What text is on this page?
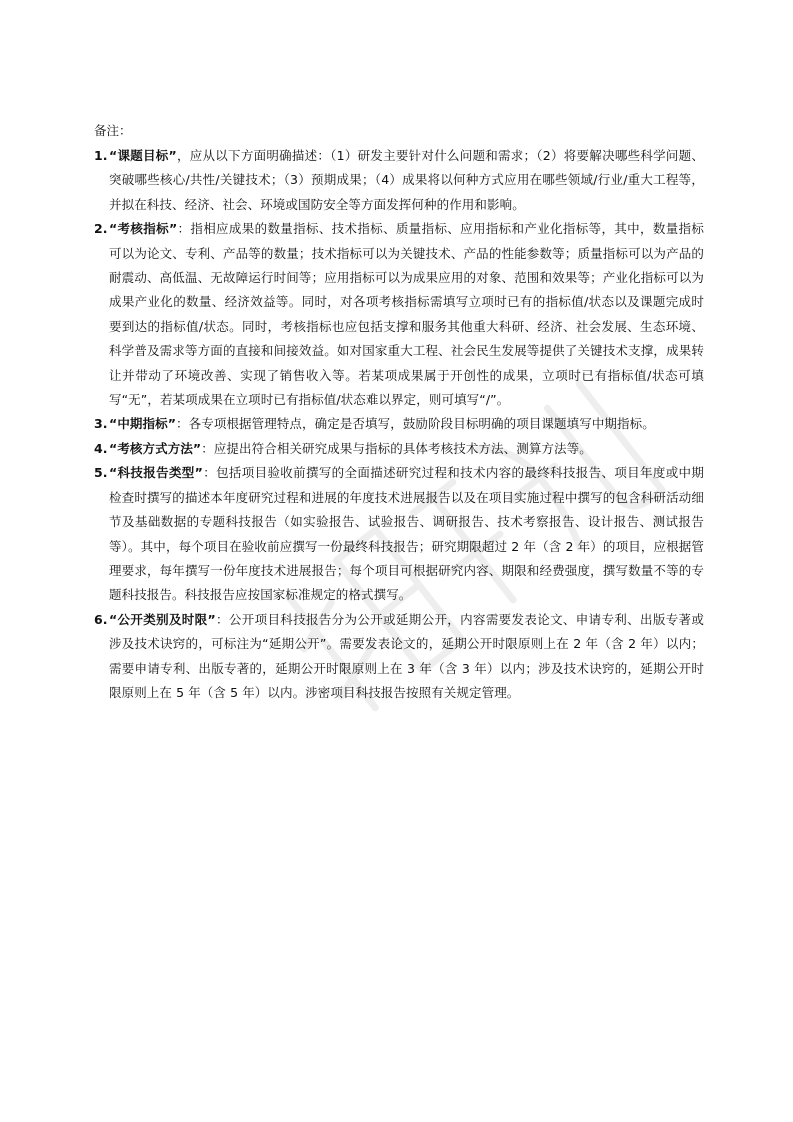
备注：
1. “课题目标”，应从以下方面明确描述：（1）研发主要针对什么问题和需求；（2）将要解决哪些科学问题、突破哪些核心/共性/关键技术；（3）预期成果；（4）成果将以何种方式应用在哪些领域/行业/重大工程等，并拟在科技、经济、社会、环境或国防安全等方面发挥何种的作用和影响。
2. “考核指标”：指相应成果的数量指标、技术指标、质量指标、应用指标和产业化指标等，其中，数量指标可以为论文、专利、产品等的数量；技术指标可以为关键技术、产品的性能参数等；质量指标可以为产品的耐震动、高低温、无故障运行时间等；应用指标可以为成果应用的对象、范围和效果等；产业化指标可以为成果产业化的数量、经济效益等。同时，对各项考核指标需填写立项时已有的指标值/状态以及课题完成时要到达的指标值/状态。同时，考核指标也应包括支撑和服务其他重大科研、经济、社会发展、生态环境、科学普及需求等方面的直接和间接效益。如对国家重大工程、社会民生发展等提供了关键技术支撑，成果转让并带动了环境改善、实现了销售收入等。若某项成果属于开创性的成果，立项时已有指标值/状态可填写“无”，若某项成果在立项时已有指标值/状态难以界定，则可填写“/”。
3. “中期指标”：各专项根据管理特点，确定是否填写，鼓励阶段目标明确的项目课题填写中期指标。
4. “考核方式方法”：应提出符合相关研究成果与指标的具体考核技术方法、测算方法等。
5. “科技报告类型”：包括项目验收前撰写的全面描述研究过程和技术内容的最终科技报告、项目年度或中期检查时撰写的描述本年度研究过程和进展的年度技术进展报告以及在项目实施过程中撰写的包含科研活动细节及基础数据的专题科技报告（如实验报告、试验报告、调研报告、技术考察报告、设计报告、测试报告等）。其中，每个项目在验收前应撰写一份最终科技报告；研究期限超过 2 年（含 2 年）的项目，应根据管理要求，每年撰写一份年度技术进展报告；每个项目可根据研究内容、期限和经费强度，撰写数量不等的专题科技报告。科技报告应按国家标准规定的格式撰写。
6. “公开类别及时限”：公开项目科技报告分为公开或延期公开，内容需要发表论文、申请专利、出版专著或涉及技术诀窍的，可标注为“延期公开”。需要发表论文的，延期公开时限原则上在 2 年（含 2 年）以内；需要申请专利、出版专著的，延期公开时限原则上在 3 年（含 3 年）以内；涉及技术诀窍的，延期公开时限原则上在 5 年（含 5 年）以内。涉密项目科技报告按照有关规定管理。
